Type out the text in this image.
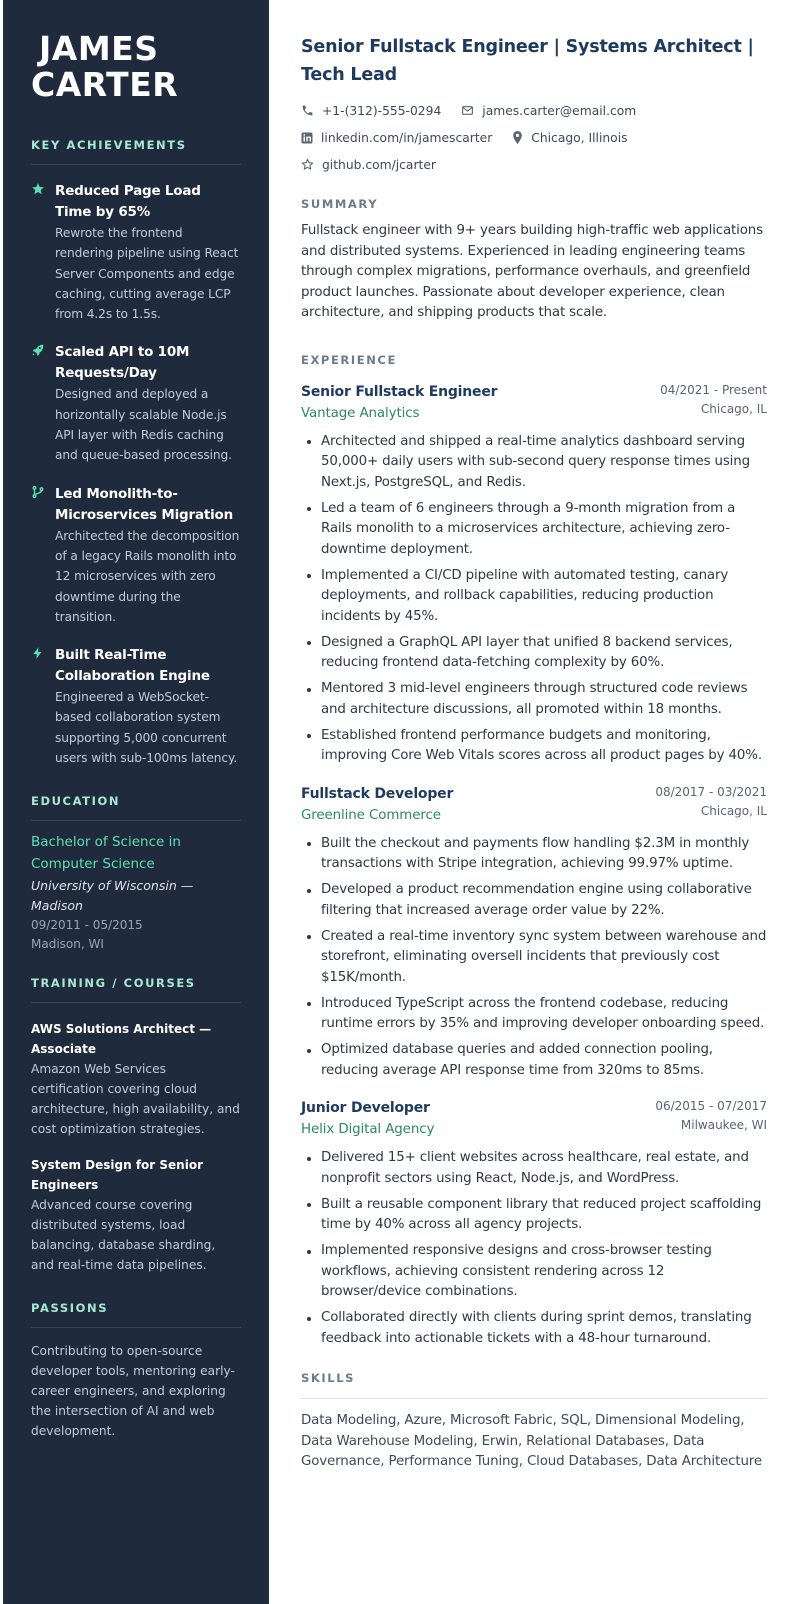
JAMES
CARTER
KEY ACHIEVEMENTS
Reduced Page Load Time by 65%
Rewrote the frontend rendering pipeline using React Server Components and edge caching, cutting average LCP from 4.2s to 1.5s.
Scaled API to 10M Requests/Day
Designed and deployed a horizontally scalable Node.js API layer with Redis caching and queue-based processing.
Led Monolith-to-Microservices Migration
Architected the decomposition of a legacy Rails monolith into 12 microservices with zero downtime during the transition.
Built Real-Time Collaboration Engine
Engineered a WebSocket-based collaboration system supporting 5,000 concurrent users with sub-100ms latency.
EDUCATION
Bachelor of Science in Computer Science
University of Wisconsin — Madison
09/2011 - 05/2015
Madison, WI
TRAINING / COURSES
AWS Solutions Architect — Associate
Amazon Web Services certification covering cloud architecture, high availability, and cost optimization strategies.
System Design for Senior Engineers
Advanced course covering distributed systems, load balancing, database sharding, and real-time data pipelines.
PASSIONS
Contributing to open-source developer tools, mentoring early-career engineers, and exploring the intersection of AI and web development.
Senior Fullstack Engineer | Systems Architect | Tech Lead
+1-(312)-555-0294	james.carter@email.com
linkedin.com/in/jamescarter	Chicago, Illinois
github.com/jcarter
SUMMARY

Fullstack engineer with 9+ years building high-traffic web applications and distributed systems. Experienced in leading engineering teams through complex migrations, performance overhauls, and greenfield product launches. Passionate about developer experience, clean architecture, and shipping products that scale.

EXPERIENCE
Senior Fullstack Engineer
Vantage Analytics
04/2021 - Present
Chicago, IL
Architected and shipped a real-time analytics dashboard serving 50,000+ daily users with sub-second query response times using Next.js, PostgreSQL, and Redis.
Led a team of 6 engineers through a 9-month migration from a Rails monolith to a microservices architecture, achieving zero-downtime deployment.
Implemented a CI/CD pipeline with automated testing, canary deployments, and rollback capabilities, reducing production incidents by 45%.
Designed a GraphQL API layer that unified 8 backend services, reducing frontend data-fetching complexity by 60%.
Mentored 3 mid-level engineers through structured code reviews and architecture discussions, all promoted within 18 months.
Established frontend performance budgets and monitoring, improving Core Web Vitals scores across all product pages by 40%.
Fullstack Developer
Greenline Commerce
08/2017 - 03/2021
Chicago, IL
Built the checkout and payments flow handling $2.3M in monthly transactions with Stripe integration, achieving 99.97% uptime.
Developed a product recommendation engine using collaborative filtering that increased average order value by 22%.
Created a real-time inventory sync system between warehouse and storefront, eliminating oversell incidents that previously cost $15K/month.
Introduced TypeScript across the frontend codebase, reducing runtime errors by 35% and improving developer onboarding speed.
Optimized database queries and added connection pooling, reducing average API response time from 320ms to 85ms.
Junior Developer
Helix Digital Agency
06/2015 - 07/2017
Milwaukee, WI
Delivered 15+ client websites across healthcare, real estate, and nonprofit sectors using React, Node.js, and WordPress.
Built a reusable component library that reduced project scaffolding time by 40% across all agency projects.
Implemented responsive designs and cross-browser testing workflows, achieving consistent rendering across 12 browser/device combinations.
Collaborated directly with clients during sprint demos, translating feedback into actionable tickets with a 48-hour turnaround.
SKILLS

Data Modeling, Azure, Microsoft Fabric, SQL, Dimensional Modeling, Data Warehouse Modeling, Erwin, Relational Databases, Data Governance, Performance Tuning, Cloud Databases, Data Architecture
